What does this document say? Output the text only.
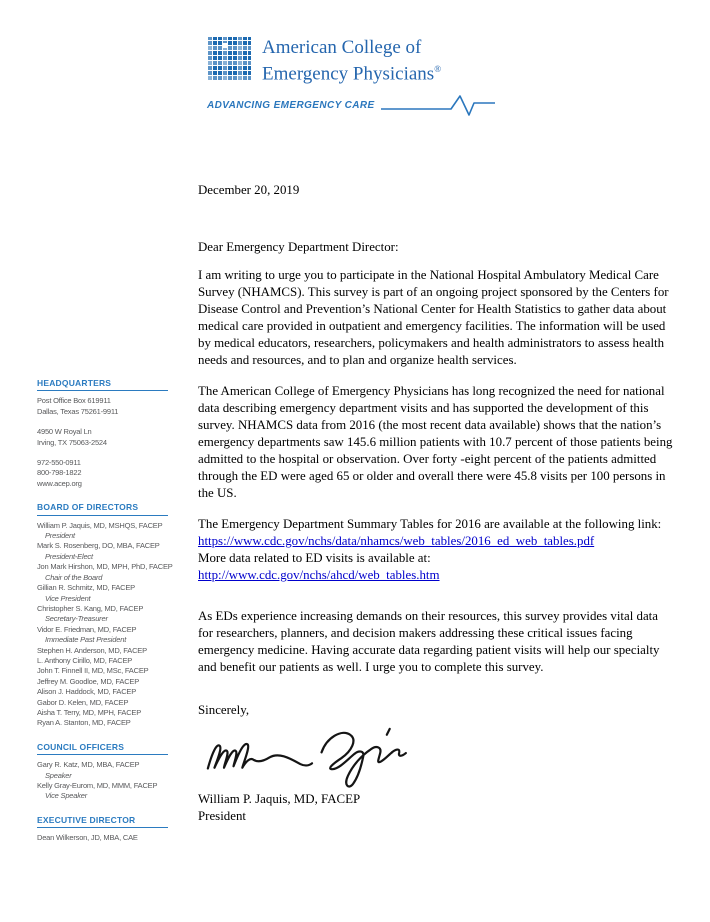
American College of
Emergency Physicians®
ADVANCING EMERGENCY CARE
HEADQUARTERS
Post Office Box 619911
Dallas, Texas 75261-9911
4950 W Royal Ln
Irving, TX 75063-2524
972-550-0911
800-798-1822
www.acep.org
BOARD OF DIRECTORS
William P. Jaquis, MD, MSHQS, FACEP
President
Mark S. Rosenberg, DO, MBA, FACEP
President-Elect
Jon Mark Hirshon, MD, MPH, PhD, FACEP
Chair of the Board
Gillian R. Schmitz, MD, FACEP
Vice President
Christopher S. Kang, MD, FACEP
Secretary-Treasurer
Vidor E. Friedman, MD, FACEP
Immediate Past President
Stephen H. Anderson, MD, FACEP
L. Anthony Cirillo, MD, FACEP
John T. Finnell II, MD, MSc, FACEP
Jeffrey M. Goodloe, MD, FACEP
Alison J. Haddock, MD, FACEP
Gabor D. Kelen, MD, FACEP
Aisha T. Terry, MD, MPH, FACEP
Ryan A. Stanton, MD, FACEP
COUNCIL OFFICERS
Gary R. Katz, MD, MBA, FACEP
Speaker
Kelly Gray-Eurom, MD, MMM, FACEP
Vice Speaker
EXECUTIVE DIRECTOR
Dean Wilkerson, JD, MBA, CAE
December 20, 2019
Dear Emergency Department Director:
I am writing to urge you to participate in the National Hospital Ambulatory Medical Care Survey (NHAMCS). This survey is part of an ongoing project sponsored by the Centers for Disease Control and Prevention’s National Center for Health Statistics to gather data about medical care provided in outpatient and emergency facilities. The information will be used by medical educators, researchers, policymakers and health administrators to assess health needs and resources, and to plan and organize health services.
The American College of Emergency Physicians has long recognized the need for national data describing emergency department visits and has supported the development of this survey. NHAMCS data from 2016 (the most recent data available) shows that the nation’s emergency departments saw 145.6 million patients with 10.7 percent of those patients being admitted to the hospital or observation. Over forty -eight percent of the patients admitted through the ED were aged 65 or older and overall there were 45.8 visits per 100 persons in the US.
The Emergency Department Summary Tables for 2016 are available at the following link:
https://www.cdc.gov/nchs/data/nhamcs/web_tables/2016_ed_web_tables.pdf
More data related to ED visits is available at:
http://www.cdc.gov/nchs/ahcd/web_tables.htm
As EDs experience increasing demands on their resources, this survey provides vital data for researchers, planners, and decision makers addressing these critical issues facing emergency medicine. Having accurate data regarding patient visits will help our specialty and benefit our patients as well. I urge you to complete this survey.
Sincerely,
William P. Jaquis, MD, FACEP
President
